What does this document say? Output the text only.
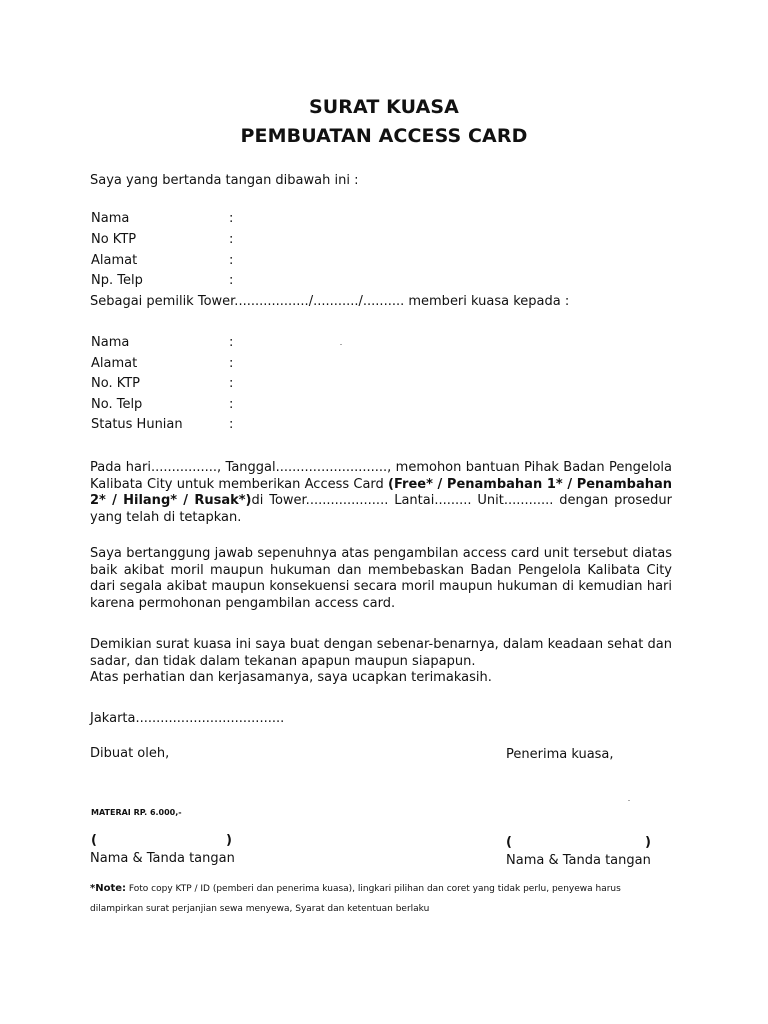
SURAT KUASA
PEMBUATAN ACCESS CARD
Saya yang bertanda tangan dibawah ini :
Nama	:
No KTP	:
Alamat	:
Np. Telp	:
Sebagai pemilik Tower................../.........../.......... memberi kuasa kepada :
Nama	:
Alamat	:
No. KTP	:
No. Telp	:
Status Hunian	:
Pada hari................, Tanggal..........................., memohon bantuan Pihak Badan Pengelola Kalibata City untuk memberikan Access Card (Free* / Penambahan 1* / Penambahan 2* / Hilang* / Rusak*)di Tower.................... Lantai......... Unit............ dengan prosedur yang telah di tetapkan.
Saya bertanggung jawab sepenuhnya atas pengambilan access card unit tersebut diatas baik akibat moril maupun hukuman dan membebaskan Badan Pengelola Kalibata City dari segala akibat maupun konsekuensi secara moril maupun hukuman di kemudian hari karena permohonan pengambilan access card.
Demikian surat kuasa ini saya buat dengan sebenar-benarnya, dalam keadaan sehat dan sadar, dan tidak dalam tekanan apapun maupun siapapun.
Atas perhatian dan kerjasamanya, saya ucapkan terimakasih.
Jakarta....................................
Dibuat oleh,	Penerima kuasa,
MATERAI RP. 6.000,-
(	)	(	)
Nama & Tanda tangan	Nama & Tanda tangan
*Note: Foto copy KTP / ID (pemberi dan penerima kuasa), lingkari pilihan dan coret yang tidak perlu, penyewa harus
dilampirkan surat perjanjian sewa menyewa, Syarat dan ketentuan berlaku
